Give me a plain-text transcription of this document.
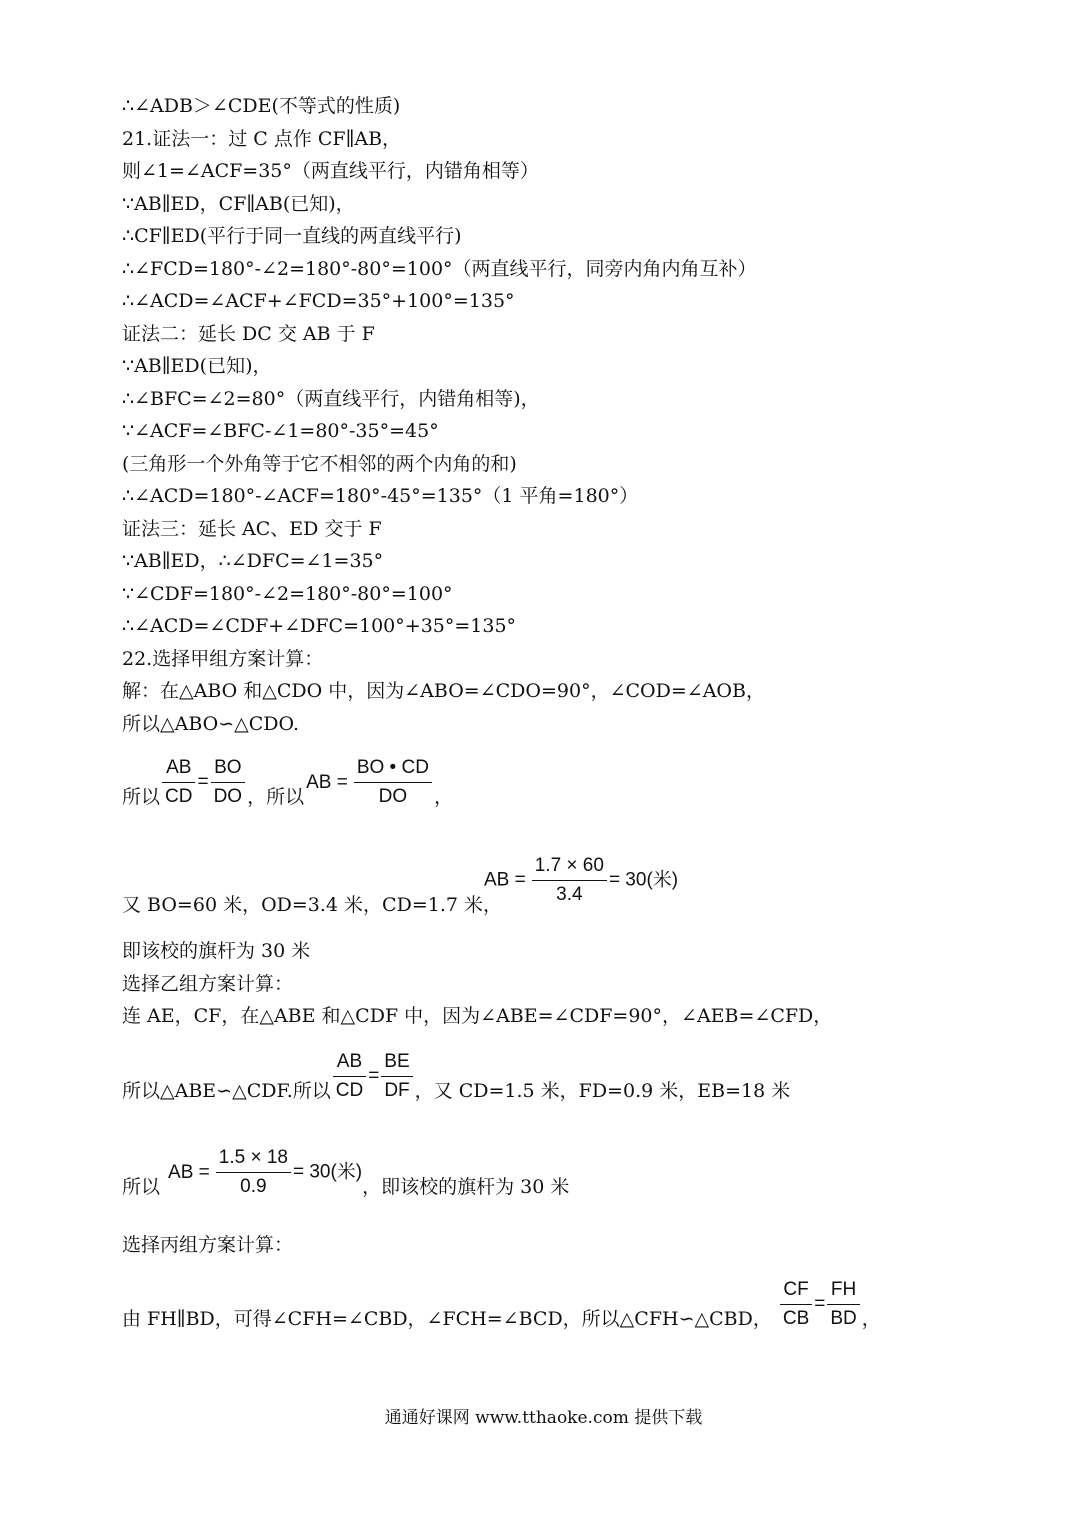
∴∠ADB＞∠CDE(不等式的性质)
21.证法一：过 C 点作 CF∥AB，
则∠1=∠ACF=35°（两直线平行，内错角相等）
∵AB∥ED，CF∥AB(已知)，
∴CF∥ED(平行于同一直线的两直线平行)
∴∠FCD=180°-∠2=180°-80°=100°（两直线平行，同旁内角内角互补）
∴∠ACD=∠ACF+∠FCD=35°+100°=135°
证法二：延长 DC 交 AB 于 F
∵AB∥ED(已知)，
∴∠BFC=∠2=80°（两直线平行，内错角相等)，
∵∠ACF=∠BFC-∠1=80°-35°=45°
(三角形一个外角等于它不相邻的两个内角的和)
∴∠ACD=180°-∠ACF=180°-45°=135°（1 平角=180°）
证法三：延长 AC、ED 交于 F
∵AB∥ED，∴∠DFC=∠1=35°
∵∠CDF=180°-∠2=180°-80°=100°
∴∠ACD=∠CDF+∠DFC=100°+35°=135°
22.选择甲组方案计算：
解：在△ABO 和△CDO 中，因为∠ABO=∠CDO=90°，∠COD=∠AOB，
所以△ABO∽△CDO.
所以 $\frac{AB}{CD} = \frac{BO}{DO}$ ，所以AB = $\frac{BO • CD}{DO}$ ，
又 BO=60 米，OD=3.4 米，CD=1.7 米，
AB = $\frac{1.7 \times 60}{3.4} = 30$(米)
即该校的旗杆为 30 米
选择乙组方案计算：
连 AE，CF，在△ABE 和△CDF 中，因为∠ABE=∠CDF=90°，∠AEB=∠CFD，
所以△ABE∽△CDF.所以 $\frac{AB}{CD} = \frac{BE}{DF}$ ，又 CD=1.5 米，FD=0.9 米，EB=18 米
所以AB = $\frac{1.5 \times 18}{0.9} = 30$(米)，即该校的旗杆为 30 米
选择丙组方案计算：
由 FH∥BD，可得∠CFH=∠CBD，∠FCH=∠BCD，所以△CFH∽△CBD， $\frac{CF}{CB} = \frac{FH}{BD}$ ，
通通好课网 www.tthaoke.com 提供下载
